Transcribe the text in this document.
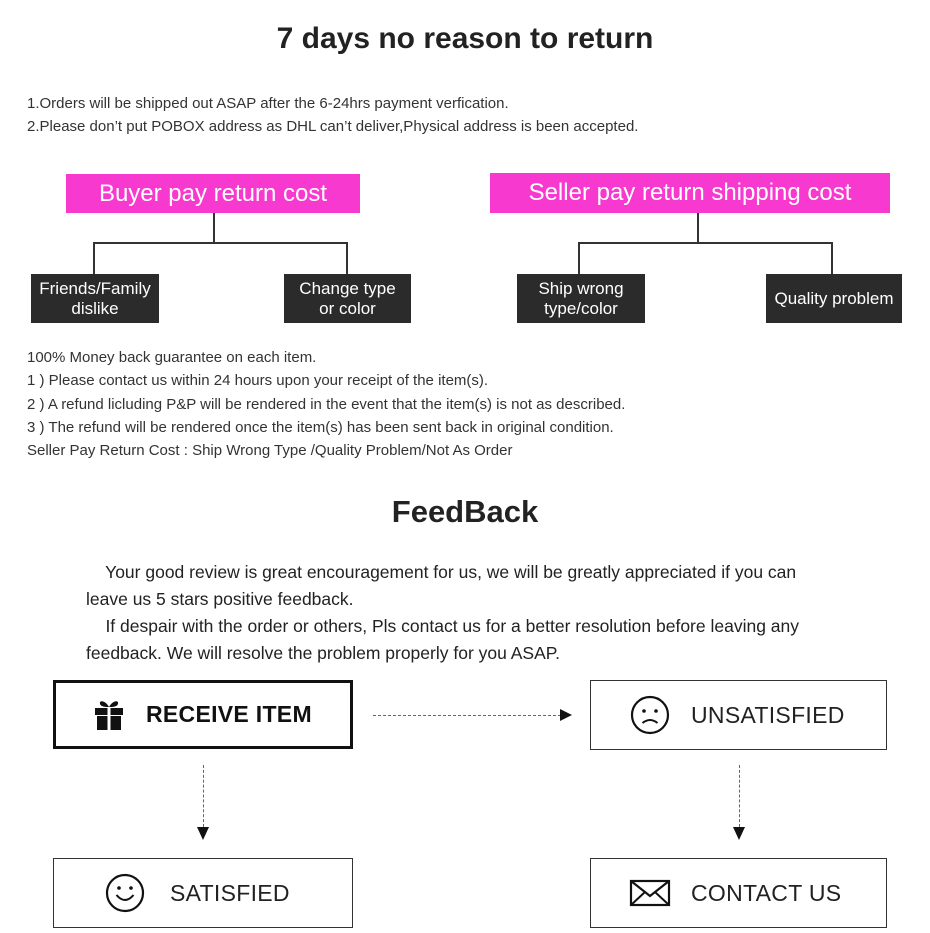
7 days no reason to return
1.Orders will be shipped out ASAP after the 6-24hrs payment verfication.
2.Please don’t put POBOX address as DHL can’t deliver,Physical address is been accepted.
Buyer pay return cost
Friends/Family
dislike
Change type
or color
Seller pay return shipping cost
Ship wrong
type/color
Quality problem
100% Money back guarantee on each item.
1 ) Please contact us within 24 hours upon your receipt of the item(s).
2 ) A refund licluding P&P will be rendered in the event that the item(s) is not as described.
3 ) The refund will be rendered once the item(s) has been sent back in original condition.
Seller Pay Return Cost : Ship Wrong Type /Quality Problem/Not As Order
FeedBack
Your good review is great encouragement for us, we will be greatly appreciated if you can
leave us 5 stars positive feedback.
If despair with the order or others, Pls contact us for a better resolution before leaving any
feedback. We will resolve the problem properly for you ASAP.
RECEIVE ITEM	UNSATISFIED
SATISFIED	CONTACT US
